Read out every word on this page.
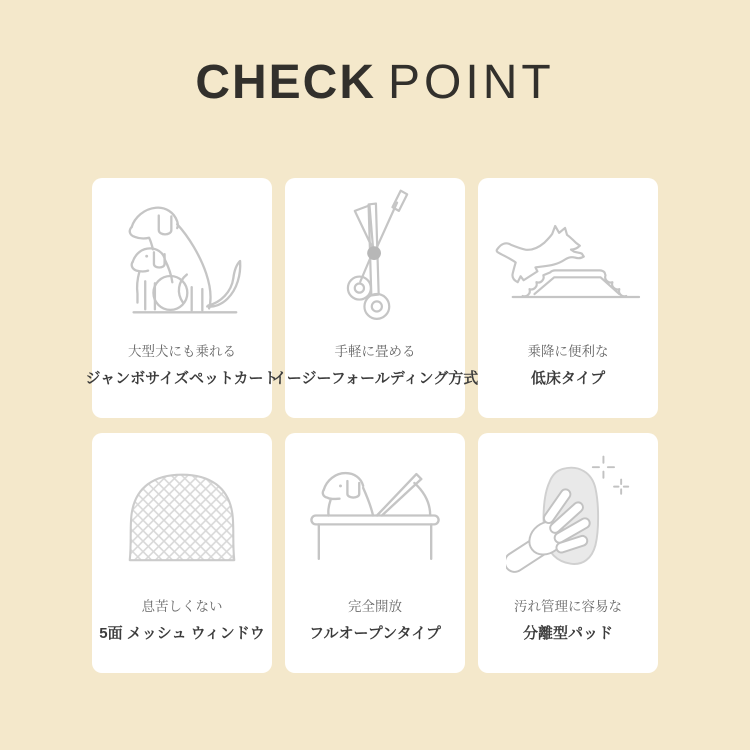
CHECK POINT
大型犬にも乗れる
ジャンボサイズペットカート
手軽に畳める
イージーフォールディング方式
乗降に便利な
低床タイプ
息苦しくない
5面 メッシュ ウィンドウ
完全開放
フルオープンタイプ
汚れ管理に容易な
分離型パッド
